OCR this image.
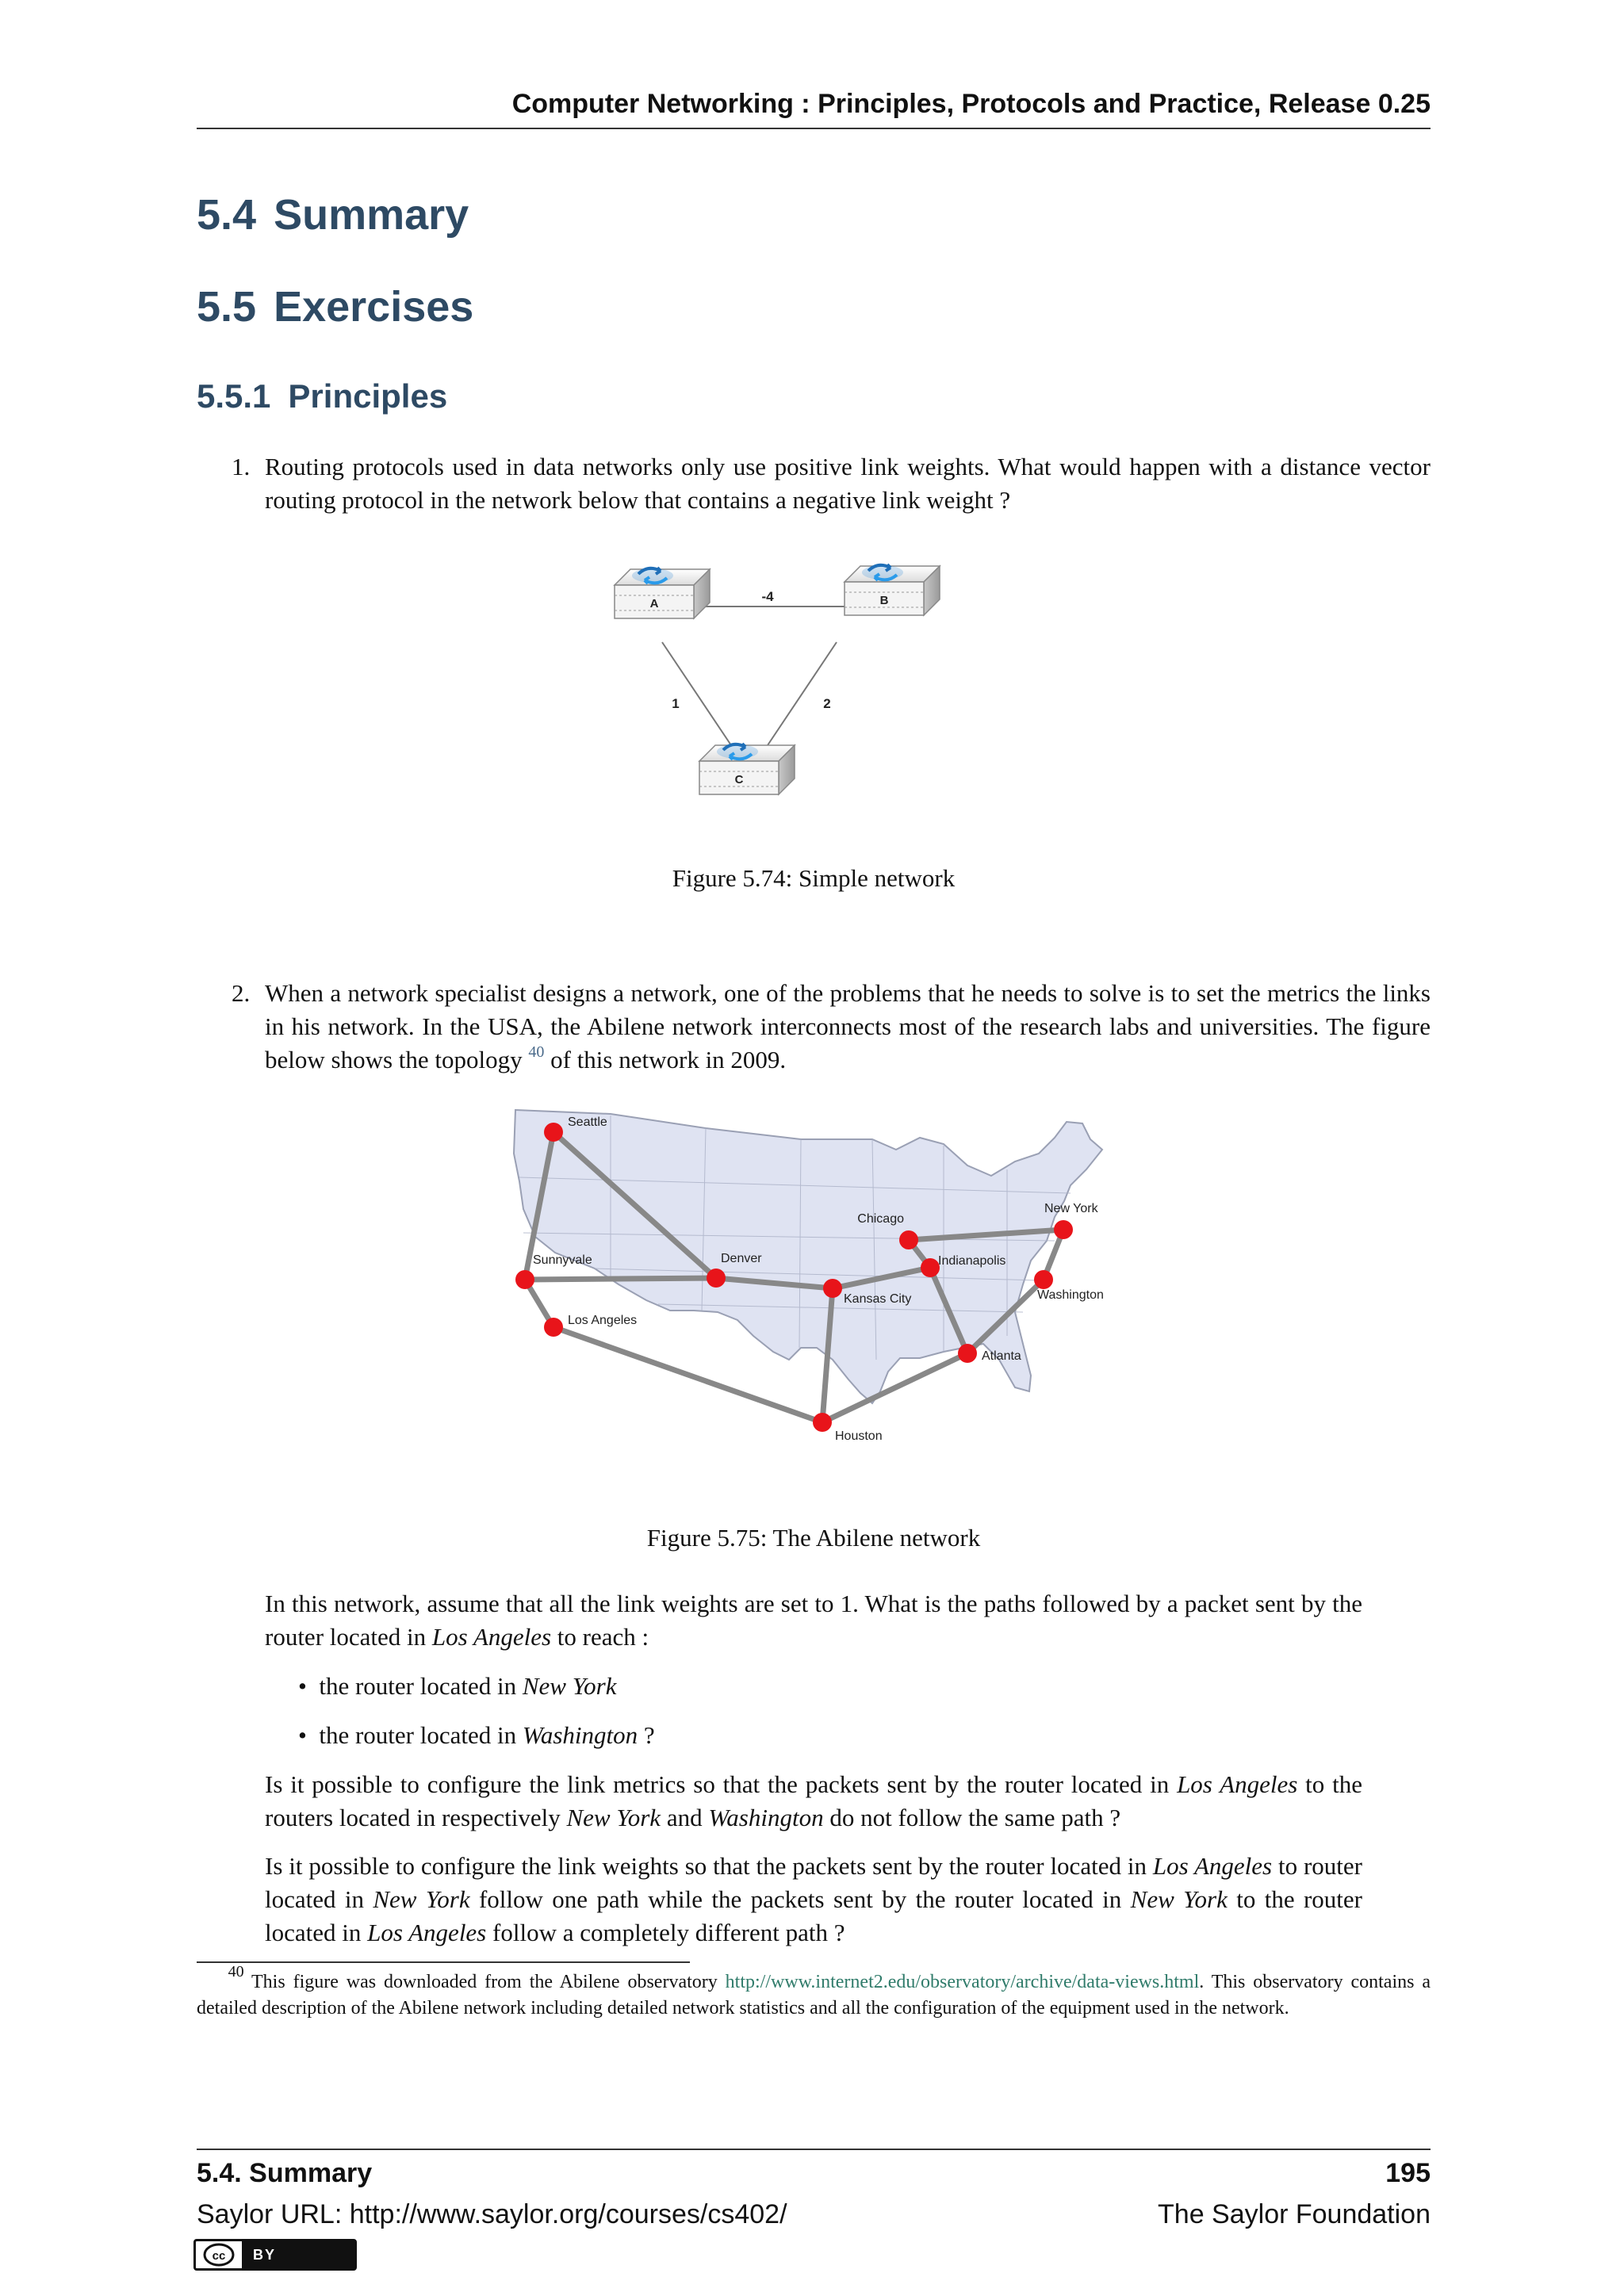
Computer Networking : Principles, Protocols and Practice, Release 0.25
5.4 Summary
5.5 Exercises
5.5.1 Principles
1. Routing protocols used in data networks only use positive link weights. What would happen with a distance vector routing protocol in the network below that contains a negative link weight ?
-4
1	2
A	B
C
Figure 5.74: Simple network
2. When a network specialist designs a network, one of the problems that he needs to solve is to set the metrics the links in his network. In the USA, the Abilene network interconnects most of the research labs and universities. The figure below shows the topology $^{40}$ of this network in 2009.
Seattle
Sunnyvale
Los Angeles
Denver
Kansas City
Houston
Chicago
Indianapolis
Atlanta
New York
Washington
Figure 5.75: The Abilene network
In this network, assume that all the link weights are set to 1. What is the paths followed by a packet sent by the router located in Los Angeles to reach :
• the router located in New York
• the router located in Washington ?
Is it possible to configure the link metrics so that the packets sent by the router located in Los Angeles to the routers located in respectively New York and Washington do not follow the same path ?
Is it possible to configure the link weights so that the packets sent by the router located in Los Angeles to router located in New York follow one path while the packets sent by the router located in New York to the router located in Los Angeles follow a completely different path ?
$^{40}$ This figure was downloaded from the Abilene observatory http://www.internet2.edu/observatory/archive/data-views.html. This observatory contains a detailed description of the Abilene network including detailed network statistics and all the configuration of the equipment used in the network.
5.4. Summary	195
Saylor URL: http://www.saylor.org/courses/cs402/	The Saylor Foundation
cc	BY
